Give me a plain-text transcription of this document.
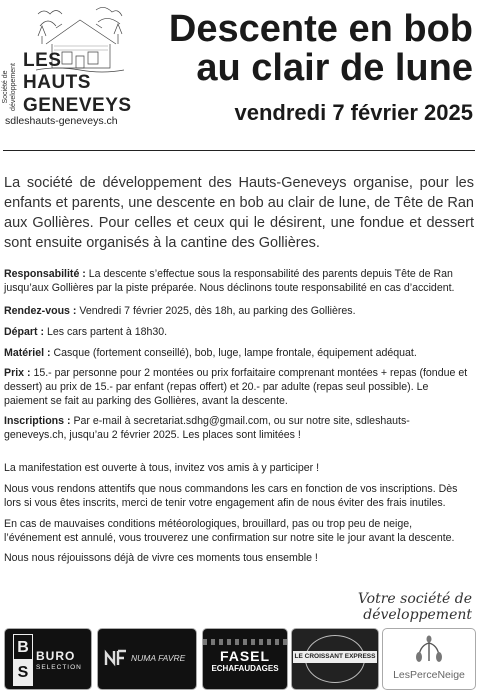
Société de développement
LES
HAUTS
GENEVEYS
sdleshauts-geneveys.ch
Descente en bob
au clair de lune
vendredi 7 février 2025
La société de développement des Hauts-Geneveys organise, pour les enfants et parents, une descente en bob au clair de lune, de Tête de Ran aux Gollières. Pour celles et ceux qui le désirent, une fondue et dessert sont ensuite organisés à la cantine des Gollières.
Responsabilité : La descente s’effectue sous la responsabilité des parents depuis Tête de Ran jusqu’aux Gollières par la piste préparée. Nous déclinons toute responsabilité en cas d’accident.
Rendez-vous : Vendredi 7 février 2025, dès 18h, au parking des Gollières.
Départ : Les cars partent à 18h30.
Matériel : Casque (fortement conseillé), bob, luge, lampe frontale, équipement adéquat.
Prix : 15.- par personne pour 2 montées ou prix forfaitaire comprenant montées + repas (fondue et dessert) au prix de 15.- par enfant (repas offert) et 20.- par adulte (repas seul possible). Le paiement se fait au parking des Gollières, avant la descente.
Inscriptions : Par e-mail à secretariat.sdhg@gmail.com, ou sur notre site, sdleshauts-geneveys.ch, jusqu’au 2 février 2025. Les places sont limitées !
La manifestation est ouverte à tous, invitez vos amis à y participer !
Nous vous rendons attentifs que nous commandons les cars en fonction de vos inscriptions. Dès lors si vous êtes inscrits, merci de tenir votre engagement afin de nous éviter des frais inutiles.
En cas de mauvaises conditions météorologiques, brouillard, pas ou trop peu de neige, l’événement est annulé, vous trouverez une confirmation sur notre site le jour avant la descente.
Nous nous réjouissons déjà de vivre ces moments tous ensemble !
Votre société de développement
B
S
BURO
SELECTION
NUMA FAVRE	FASEL
ECHAFAUDAGES
LE CROISSANT EXPRESS
LesPerceNeige
